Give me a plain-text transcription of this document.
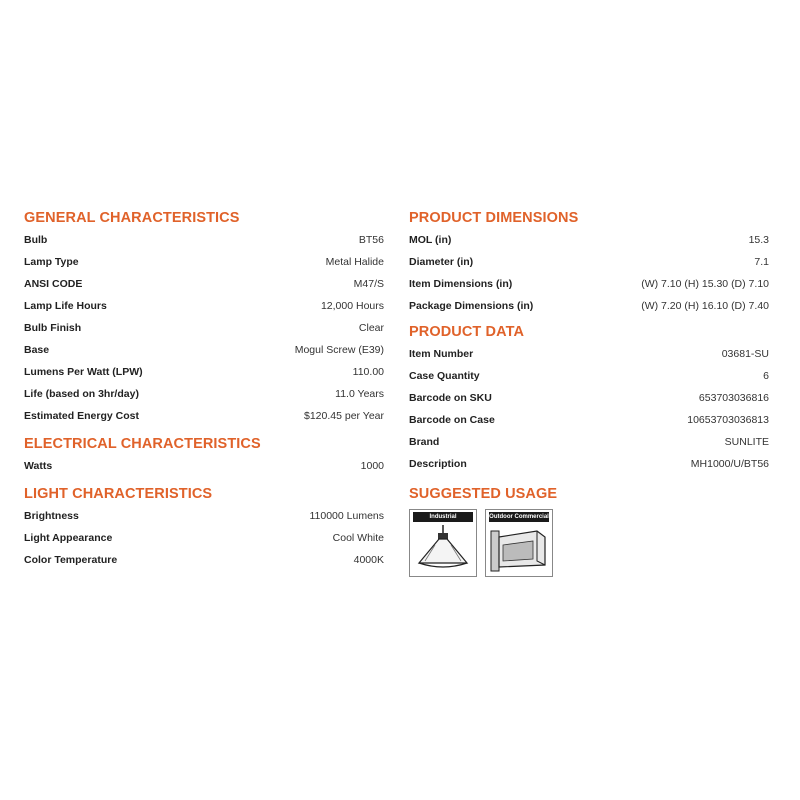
GENERAL CHARACTERISTICS
Bulb	BT56
Lamp Type	Metal Halide
ANSI CODE	M47/S
Lamp Life Hours	12,000 Hours
Bulb Finish	Clear
Base	Mogul Screw (E39)
Lumens Per Watt (LPW)	110.00
Life (based on 3hr/day)	11.0 Years
Estimated Energy Cost	$120.45 per Year
ELECTRICAL CHARACTERISTICS
Watts	1000
LIGHT CHARACTERISTICS
Brightness	110000 Lumens
Light Appearance	Cool White
Color Temperature	4000K
PRODUCT DIMENSIONS
MOL (in)	15.3
Diameter (in)	7.1
Item Dimensions (in)	(W) 7.10 (H) 15.30 (D) 7.10
Package Dimensions (in)	(W) 7.20 (H) 16.10 (D) 7.40
PRODUCT DATA
Item Number	03681-SU
Case Quantity	6
Barcode on SKU	653703036816
Barcode on Case	10653703036813
Brand	SUNLITE
Description	MH1000/U/BT56
SUGGESTED USAGE
Industrial	Outdoor Commercial
